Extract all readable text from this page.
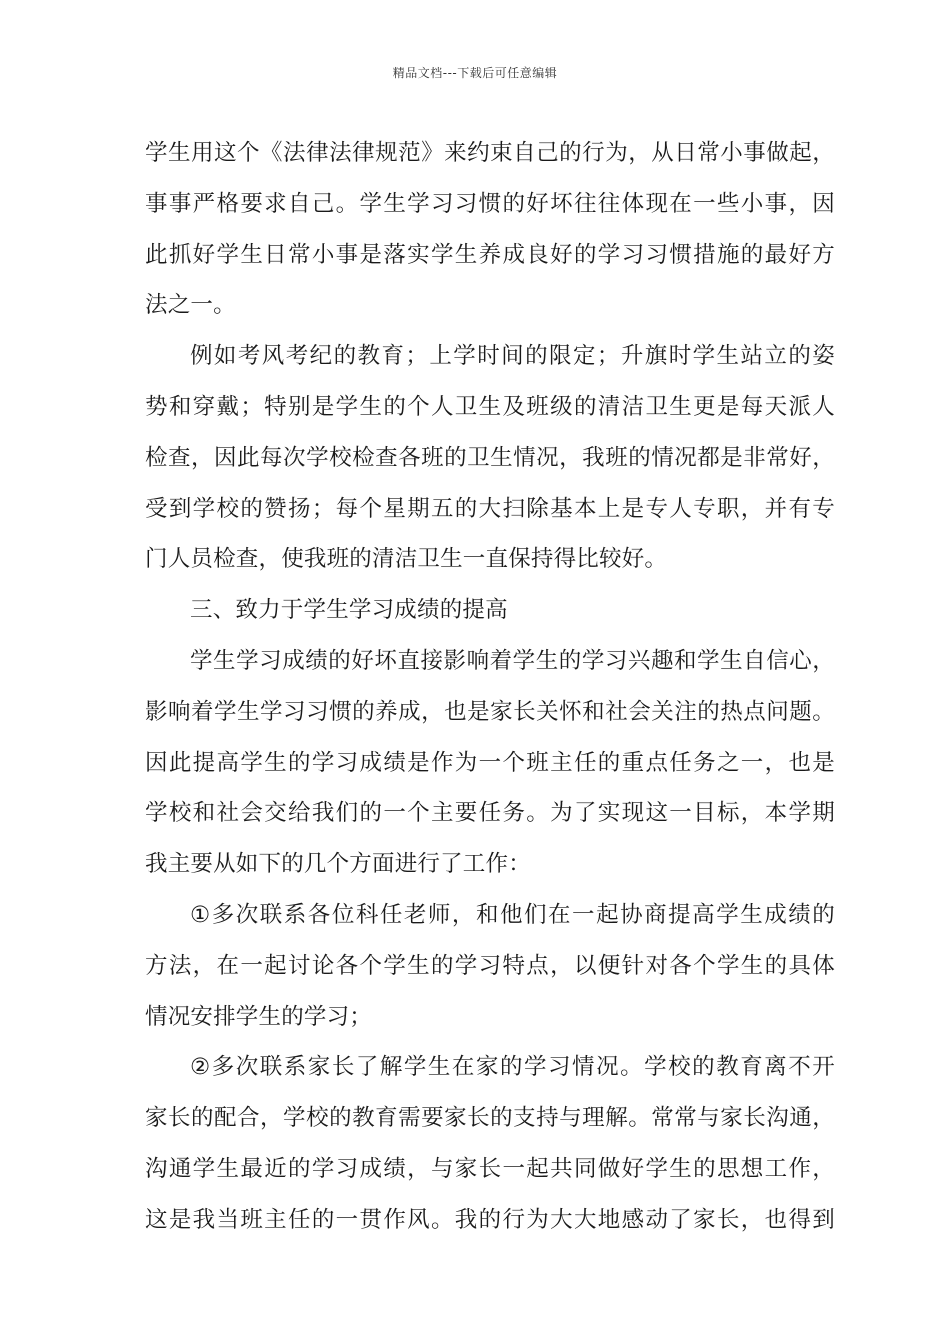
精品文档---下载后可任意编辑
学生用这个《法律法律规范》来约束自己的行为，从日常小事做起，
事事严格要求自己。学生学习习惯的好坏往往体现在一些小事，因
此抓好学生日常小事是落实学生养成良好的学习习惯措施的最好方
法之一。
例如考风考纪的教育；上学时间的限定；升旗时学生站立的姿
势和穿戴；特别是学生的个人卫生及班级的清洁卫生更是每天派人
检查，因此每次学校检查各班的卫生情况，我班的情况都是非常好，
受到学校的赞扬；每个星期五的大扫除基本上是专人专职，并有专
门人员检查，使我班的清洁卫生一直保持得比较好。
三、致力于学生学习成绩的提高
学生学习成绩的好坏直接影响着学生的学习兴趣和学生自信心，
影响着学生学习习惯的养成，也是家长关怀和社会关注的热点问题。
因此提高学生的学习成绩是作为一个班主任的重点任务之一，也是
学校和社会交给我们的一个主要任务。为了实现这一目标，本学期
我主要从如下的几个方面进行了工作：
①多次联系各位科任老师，和他们在一起协商提高学生成绩的
方法，在一起讨论各个学生的学习特点，以便针对各个学生的具体
情况安排学生的学习；
②多次联系家长了解学生在家的学习情况。学校的教育离不开
家长的配合，学校的教育需要家长的支持与理解。常常与家长沟通，
沟通学生最近的学习成绩，与家长一起共同做好学生的思想工作，
这是我当班主任的一贯作风。我的行为大大地感动了家长，也得到
